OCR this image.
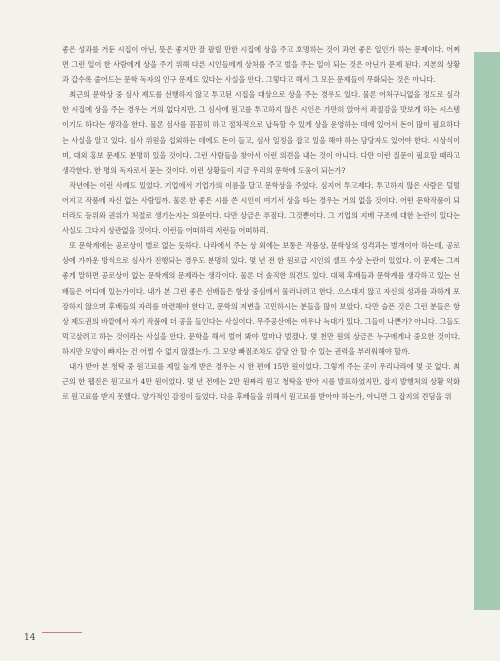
좋은 성과를 거둔 시집이 아닌, 뜻은 좋지만 잘 팔릴 만한 시집에 상을 주고 호명하는 것이 과연 좋은 일인가 하는 문제이다. 어쩌면 그런 일이 한 사람에게 상을 주기 위해 다른 시인들에게 상처를 주고 벌을 주는 일이 되는 것은 아닌가 문제 된다. 지본의 상황과 갑수록 줄어드는 문학 독자의 인구 문제도 있다는 사실을 안다. 그렇다고 해서 그 모든 문제들이 무화되는 것은 아니다.

최근의 문학상 중 심사 제도를 선행하지 않고 투고된 시집을 대상으로 상을 주는 경우도 있다. 물론 어처구니없을 정도로 심각한 시집에 상을 주는 경우는 거의 없다지만, 그 심사에 원고를 투고하지 않은 시인은 가만히 앉아서 좌절감을 맛보게 하는 시스템이기도 하다는 생각을 한다. 물론 심사를 꼼꼼히 하고 절차적으로 납득할 수 있게 상을 운영하는 데에 있어서 돈이 많이 필요하다는 사실을 알고 있다. 심사 위원을 섭외하는 데에도 돈이 들고, 심사 일정을 잡고 일을 해야 하는 담당자도 있어야 한다. 시상식이며, 대외 홍보 문제도 분명히 있을 것이다. 그런 사람들을 찾아서 이런 의견을 내는 것이 아니다. 다만 이런 질문이 필요할 때라고 생각한다. 한 명의 독자로서 묻는 것이다. 이런 상황들이 지금 우리의 문학에 도움이 되는가?

작년에는 이런 사례도 있었다. 기업에서 기업가의 이름을 달고 문학상을 주었다. 심지어 투고제다. 투고하지 않은 사람은 덜떨어지고 작품에 자신 없는 사람일까. 물론 한 좋은 시를 쓴 시인이 여기서 상을 타는 경우는 거의 없을 것이다. 어떤 문학작품이 되더라도 등위와 권위가 처절로 생기는지는 의문이다. 다만 상금은 푸짐다. 그것뿐이다. 그 기업의 지배 구조에 대한 논란이 있다는 사실도 그다지 상관없을 것이다. 이런들 어떠하리 저런들 어떠하리.

또 문학계에는 공로상이 별로 없는 듯하다. 나라에서 주는 상 외에는 보통은 작품상, 문학상의 성격과는 별개이아 하는데, 공로상에 가까운 방식으로 심사가 진행되는 경우도 분명히 있다. 몇 년 전 한 원로급 시인의 셀프 수상 논란이 있었다. 이 문제는 그저 좋게 말하면 공로상이 없는 문학계의 문제라는 생각이다. 물론 더 솔직한 의견도 있다. 대체 후배들과 문학계를 생각하고 있는 선배들은 어디에 있는가이다. 내가 본 그런 좋은 선배들은 항상 중심에서 물러나려고 한다. 으스대지 않고 자신의 성과를 과하게 포장하지 않으며 후배들의 자리를 마련해야 한다고, 문학의 저변을 고민하시는 분들을 많이 보았다. 다만 슬픈 것은 그런 분들은 항상 제도권의 바깥에서 자기 작품에 더 공을 들인다는 사실이다. 무주공산에는 여우나 늑대가 있다. 그들이 나쁜가? 아니다. 그들도 먹고살려고 하는 것이라는 사실을 안다. 문학을 해서 벌어 봐야 얼마나 벌겠나. 몇 천만 원의 상금은 누구에게나 중요한 것이다. 하지만 모양이 빠지는 건 어쩔 수 없지 않겠는가. 그 모양 빠짐조차도 감당 안 할 수 있는 권력을 부러워해야 할까.

내가 받아 본 청탁 중 원고료를 제일 높게 받은 경우는 시 한 편에 15만 원이었다. 그렇게 주는 곳이 우리나라에 몇 곳 없다. 최근의 한 웹진은 원고료가 4만 원이었다. 몇 년 전에는 2만 원짜리 원고 청탁을 받아 시를 발표하였지만, 잡지 발행처의 상황 악화로 원고료를 받지 못했다. 양가적인 감정이 들었다. 다음 후배들을 위해서 원고료를 받아야 하는가, 아니면 그 잡지의 견딤을 위

14
